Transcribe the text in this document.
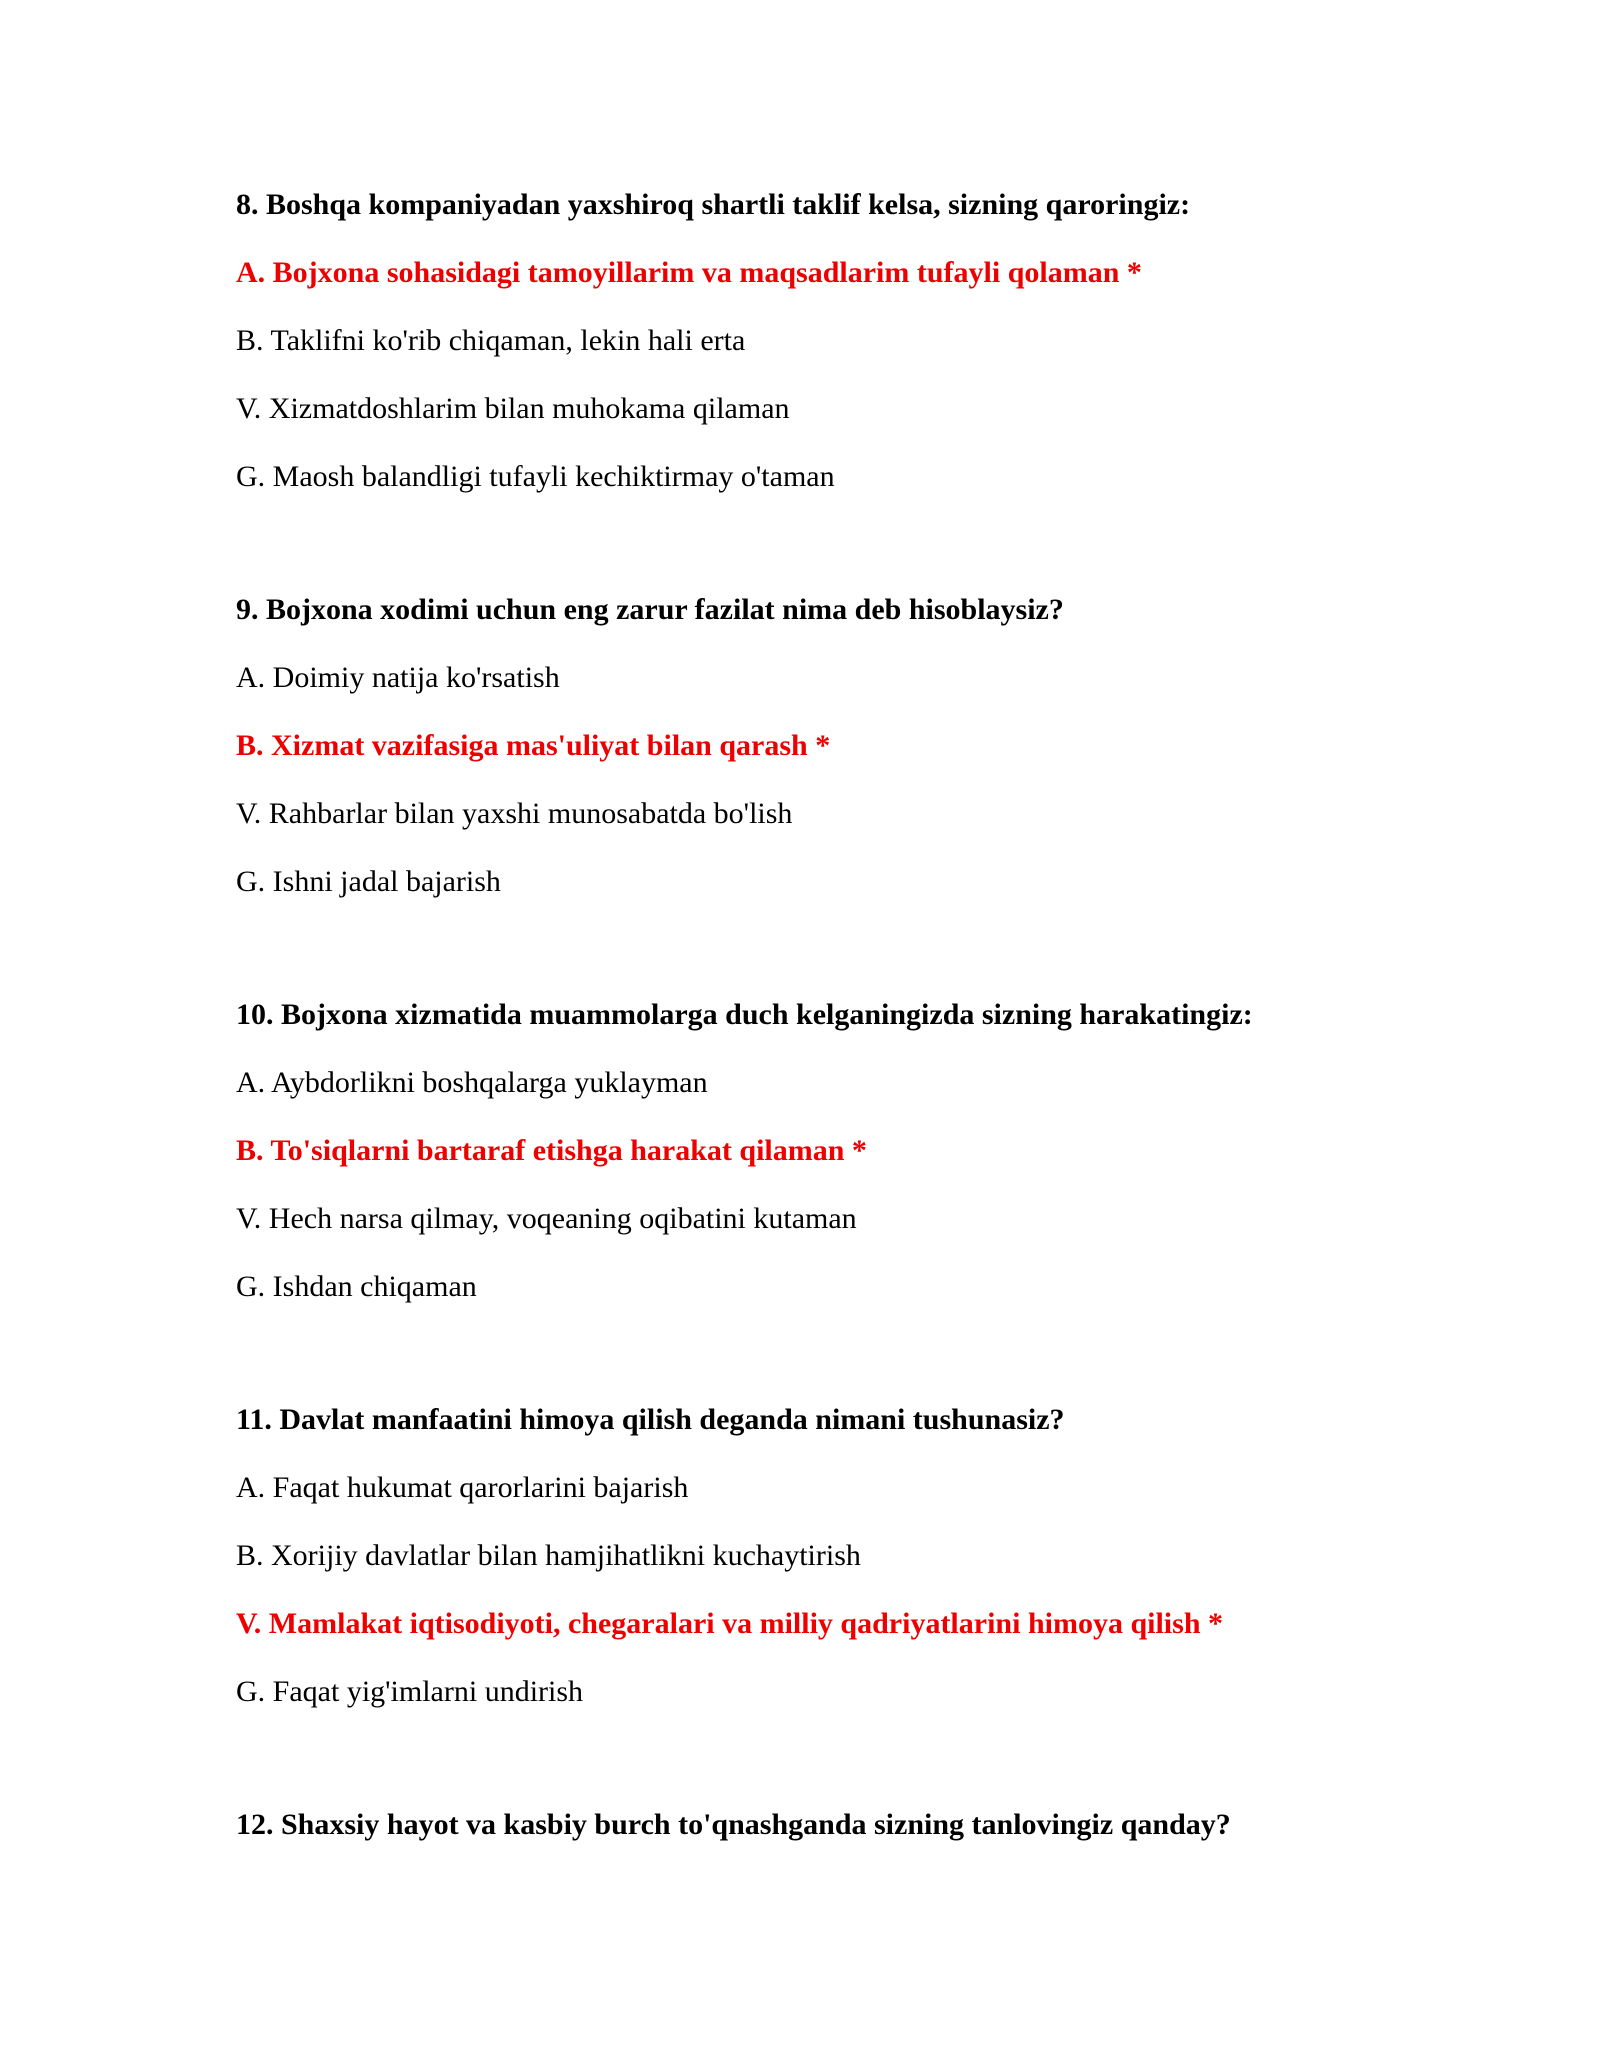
8. Boshqa kompaniyadan yaxshiroq shartli taklif kelsa, sizning qaroringiz:
A. Bojxona sohasidagi tamoyillarim va maqsadlarim tufayli qolaman *
B. Taklifni ko'rib chiqaman, lekin hali erta
V. Xizmatdoshlarim bilan muhokama qilaman
G. Maosh balandligi tufayli kechiktirmay o'taman
9. Bojxona xodimi uchun eng zarur fazilat nima deb hisoblaysiz?
A. Doimiy natija ko'rsatish
B. Xizmat vazifasiga mas'uliyat bilan qarash *
V. Rahbarlar bilan yaxshi munosabatda bo'lish
G. Ishni jadal bajarish
10. Bojxona xizmatida muammolarga duch kelganingizda sizning harakatingiz:
A. Aybdorlikni boshqalarga yuklayman
B. To'siqlarni bartaraf etishga harakat qilaman *
V. Hech narsa qilmay, voqeaning oqibatini kutaman
G. Ishdan chiqaman
11. Davlat manfaatini himoya qilish deganda nimani tushunasiz?
A. Faqat hukumat qarorlarini bajarish
B. Xorijiy davlatlar bilan hamjihatlikni kuchaytirish
V. Mamlakat iqtisodiyoti, chegaralari va milliy qadriyatlarini himoya qilish *
G. Faqat yig'imlarni undirish
12. Shaxsiy hayot va kasbiy burch to'qnashganda sizning tanlovingiz qanday?
